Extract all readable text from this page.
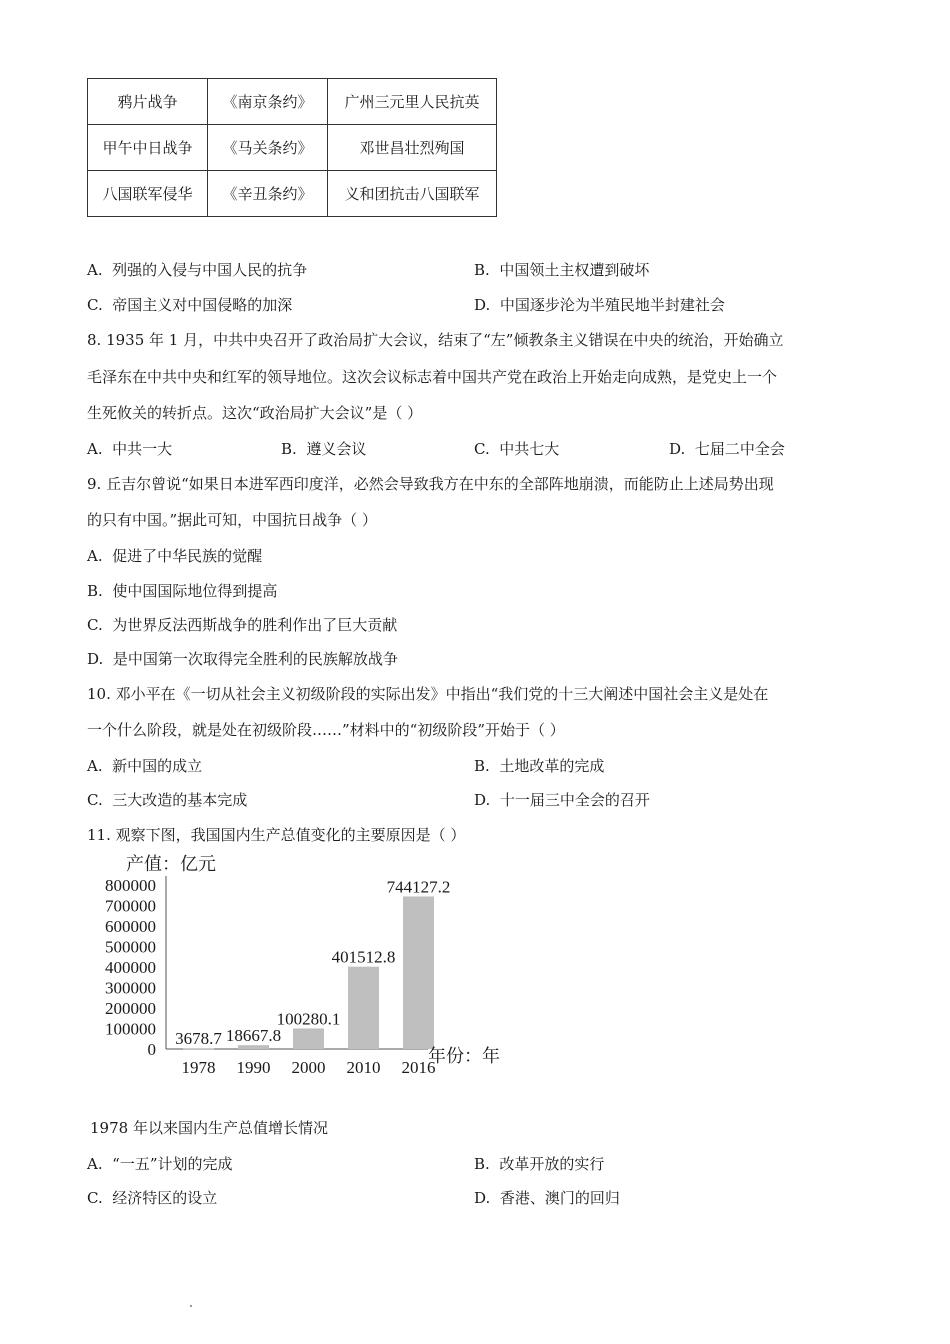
鸦片战争	《南京条约》	广州三元里人民抗英
甲午中日战争	《马关条约》	邓世昌壮烈殉国
八国联军侵华	《辛丑条约》	义和团抗击八国联军
A. 列强的入侵与中国人民的抗争	B. 中国领土主权遭到破坏
C. 帝国主义对中国侵略的加深	D. 中国逐步沦为半殖民地半封建社会
8. 1935 年 1 月，中共中央召开了政治局扩大会议，结束了“左”倾教条主义错误在中央的统治，开始确立
毛泽东在中共中央和红军的领导地位。这次会议标志着中国共产党在政治上开始走向成熟，是党史上一个
生死攸关的转折点。这次“政治局扩大会议”是（ ）
A. 中共一大	B. 遵义会议	C. 中共七大	D. 七届二中全会
9. 丘吉尔曾说“如果日本进军西印度洋，必然会导致我方在中东的全部阵地崩溃，而能防止上述局势出现
的只有中国。”据此可知，中国抗日战争（ ）
A. 促进了中华民族的觉醒
B. 使中国国际地位得到提高
C. 为世界反法西斯战争的胜利作出了巨大贡献
D. 是中国第一次取得完全胜利的民族解放战争
10. 邓小平在《一切从社会主义初级阶段的实际出发》中指出“我们党的十三大阐述中国社会主义是处在
一个什么阶段，就是处在初级阶段……”材料中的“初级阶段”开始于（ ）
A. 新中国的成立	B. 土地改革的完成
C. 三大改造的基本完成	D. 十一届三中全会的召开
11. 观察下图，我国国内生产总值变化的主要原因是（ ）
产值：亿元
0
100000
200000
300000
400000
500000
600000
700000
800000
3678.7 18667.8
100280.1
401512.8
744127.2
1978 1990 2000 2010 2016
年份：年
1978 年以来国内生产总值增长情况
A. “一五”计划的完成	B. 改革开放的实行
C. 经济特区的设立	D. 香港、澳门的回归
